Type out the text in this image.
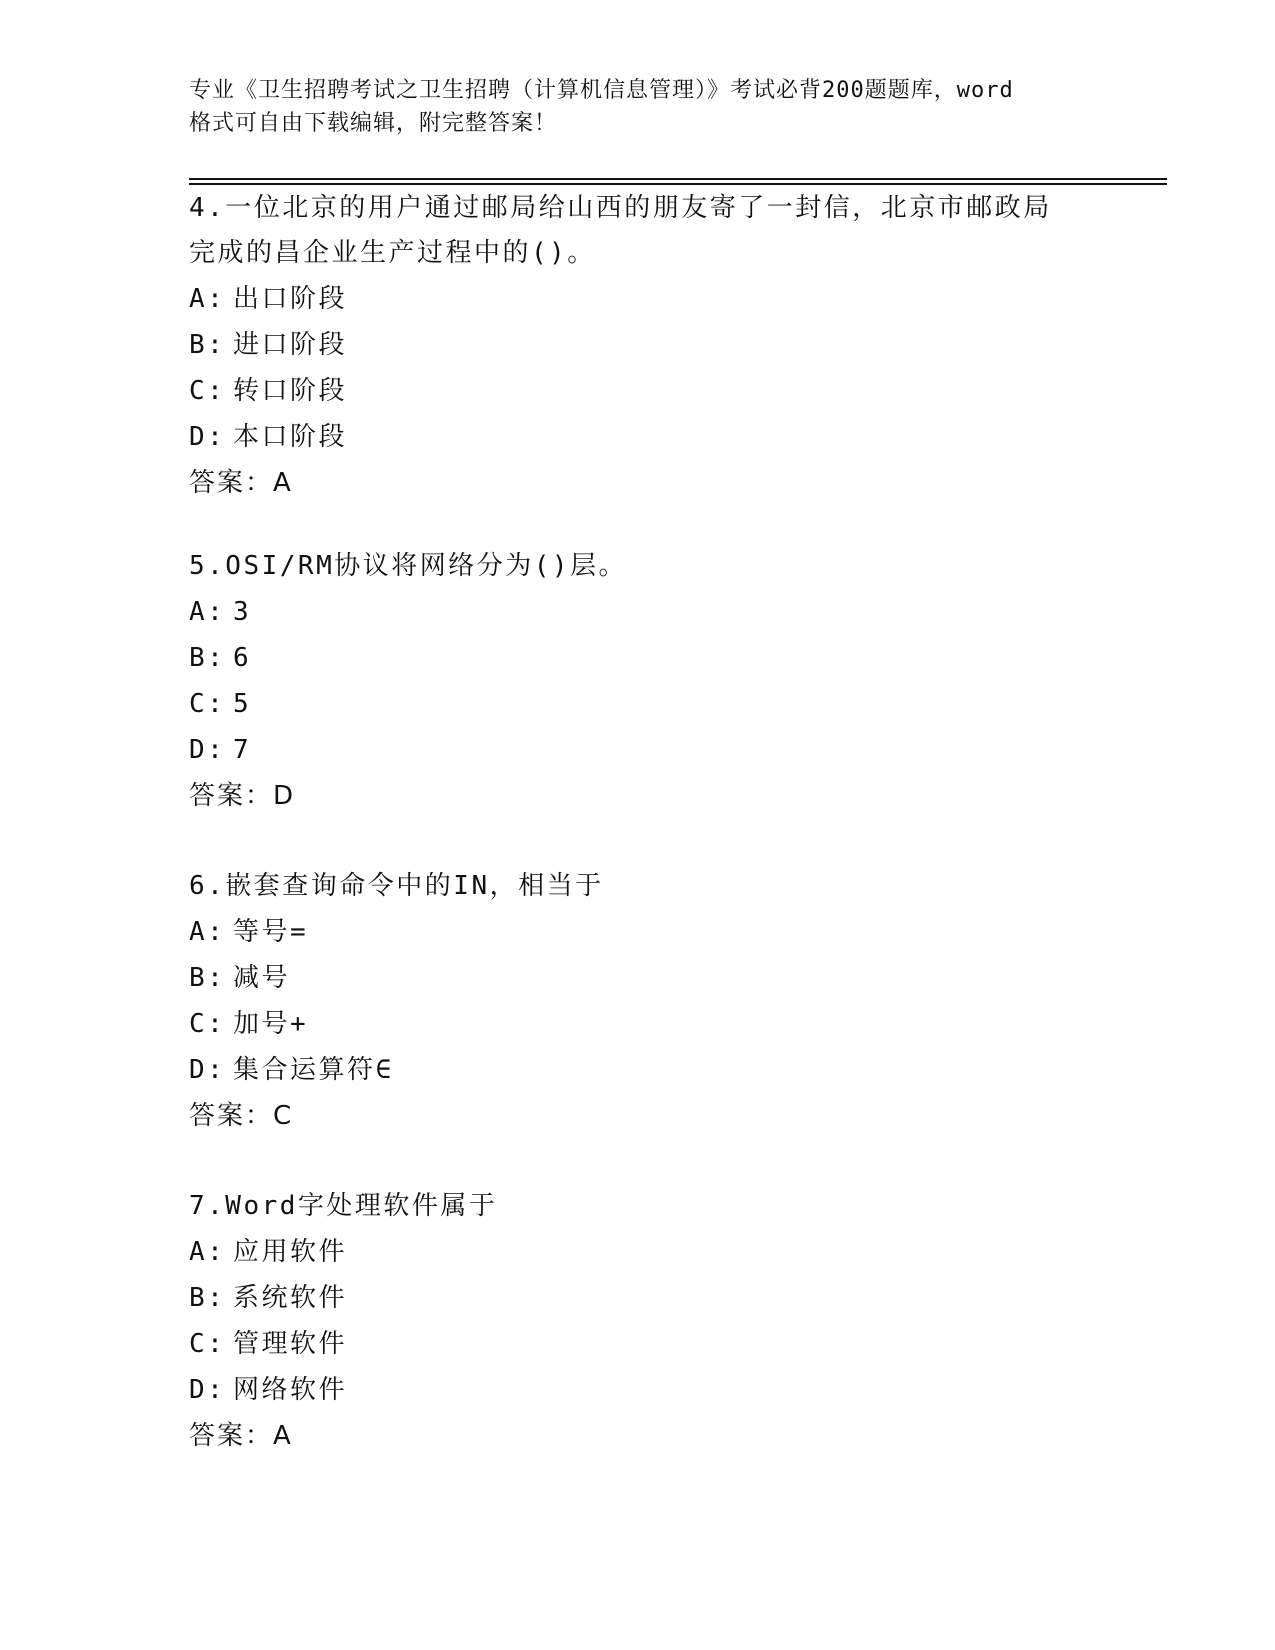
专业《卫生招聘考试之卫生招聘（计算机信息管理）》考试必背200题题库，word
格式可自由下载编辑，附完整答案！

4.一位北京的用户通过邮局给山西的朋友寄了一封信，北京市邮政局

完成的昌企业生产过程中的()。

A: 出口阶段

B: 进口阶段

C: 转口阶段

D: 本口阶段

答案：A

5.OSI/RM协议将网络分为()层。

A: 3

B: 6

C: 5

D: 7

答案：D

6.嵌套查询命令中的IN，相当于

A: 等号=

B: 减号

C: 加号+

D: 集合运算符∈

答案：C

7.Word字处理软件属于

A: 应用软件

B: 系统软件

C: 管理软件

D: 网络软件

答案：A
